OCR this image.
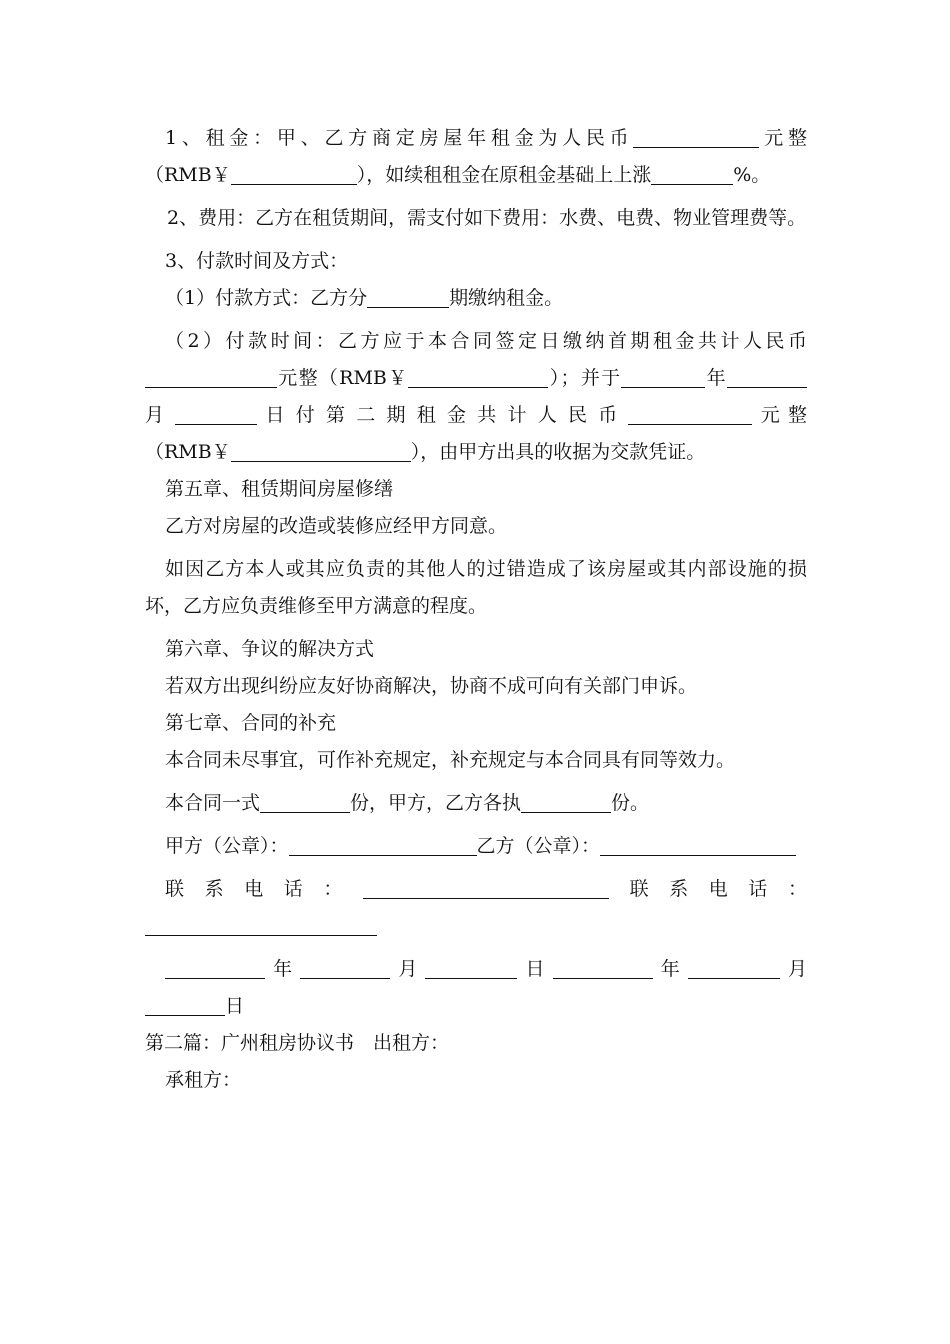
1、租金：甲、乙方商定房屋年租金为人民币	元整（RMB￥	），如续租租金在原租金基础上上涨	%。

2、费用：乙方在租赁期间，需支付如下费用：水费、电费、物业管理费等。

3、付款时间及方式：

（1）付款方式：乙方分	期缴纳租金。

（2）付款时间：乙方应于本合同签定日缴纳首期租金共计人民币元整（RMB￥	）；并于	年月	日付第二期租金共计人民币	元整（RMB￥	），由甲方出具的收据为交款凭证。

第五章、租赁期间房屋修缮

乙方对房屋的改造或装修应经甲方同意。

如因乙方本人或其应负责的其他人的过错造成了该房屋或其内部设施的损坏，乙方应负责维修至甲方满意的程度。

第六章、争议的解决方式

若双方出现纠纷应友好协商解决，协商不成可向有关部门申诉。

第七章、合同的补充

本合同未尽事宜，可作补充规定，补充规定与本合同具有同等效力。

本合同一式	份，甲方，乙方各执	份。

甲方（公章）：	乙方（公章）：

联系电话：	联系电话：

年	月	日	年	月日

第二篇：广州租房协议书　出租方：

承租方：
